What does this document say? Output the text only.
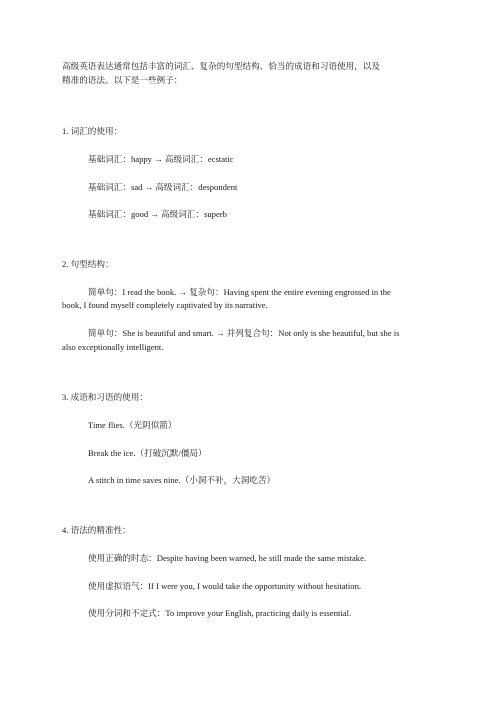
高级英语表达通常包括丰富的词汇、复杂的句型结构、恰当的成语和习语使用，以及
精准的语法。以下是一些例子：
1. 词汇的使用：
基础词汇：happy → 高级词汇：ecstatic
基础词汇：sad → 高级词汇：despondent
基础词汇：good → 高级词汇：superb
2. 句型结构：
简单句：I read the book. → 复杂句：Having spent the entire evening engrossed in the
book, I found myself completely captivated by its narrative.
简单句：She is beautiful and smart. → 并列复合句：Not only is she beautiful, but she is
also exceptionally intelligent.
3. 成语和习语的使用：
Time flies.（光阴似箭）
Break the ice.（打破沉默/僵局）
A stitch in time saves nine.（小洞不补，大洞吃苦）
4. 语法的精准性：
使用正确的时态：Despite having been warned, he still made the same mistake.
使用虚拟语气：If I were you, I would take the opportunity without hesitation.
使用分词和不定式：To improve your English, practicing daily is essential.
